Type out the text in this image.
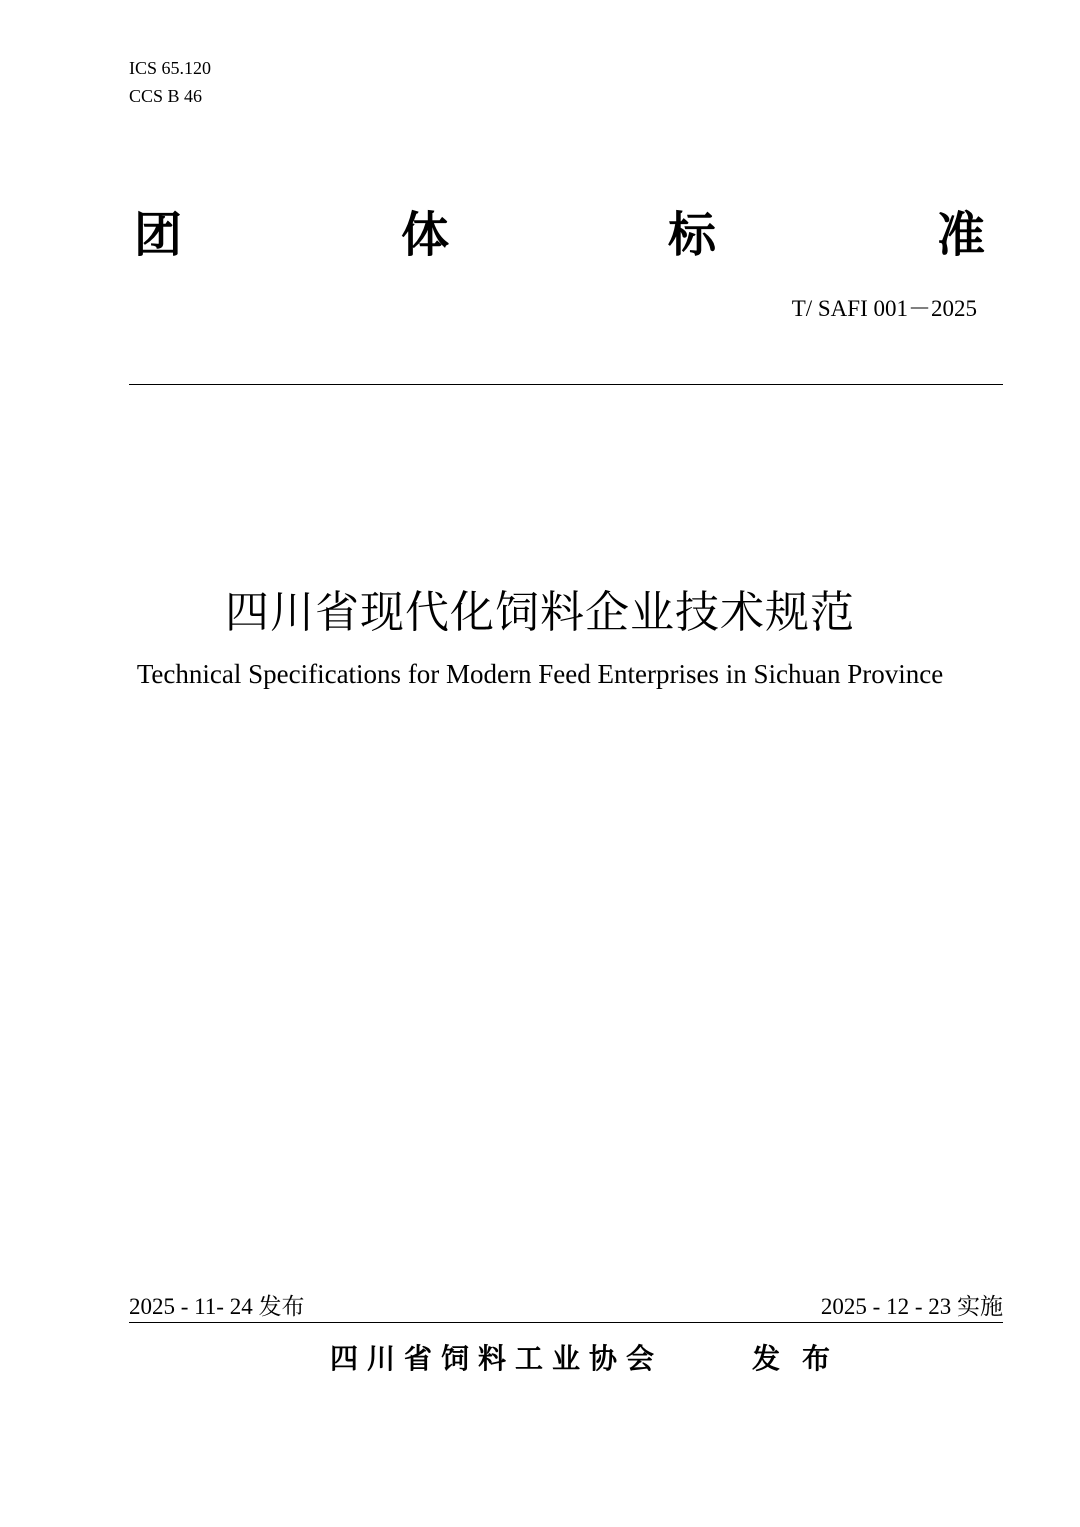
ICS 65.120
CCS B 46
团	体	标	准
T/ SAFI 001－2025
四川省现代化饲料企业技术规范
Technical Specifications for Modern Feed Enterprises in Sichuan Province
2025 - 11- 24 发布	2025 - 12 - 23 实施
四川省饲料工业协会	发布
